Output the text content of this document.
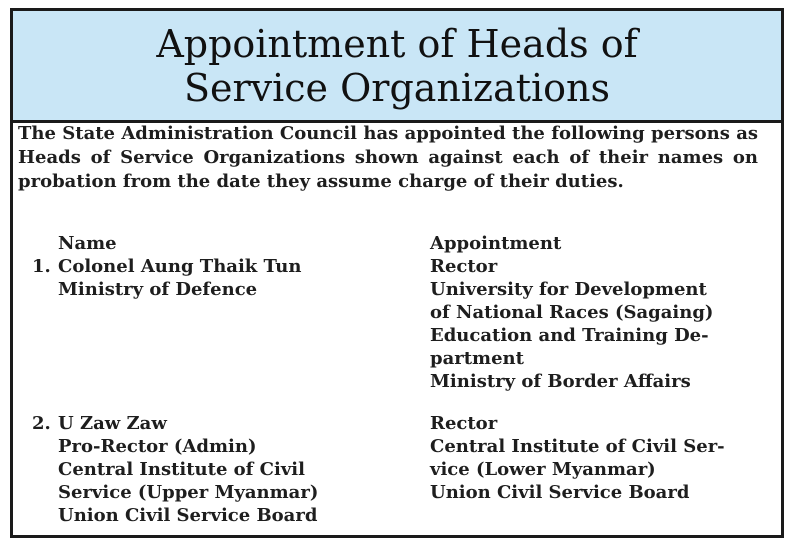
Appointment of Heads of
Service Organizations
The State Administration Council has appointed the following persons as Heads of Service Organizations shown against each of their names on probation from the date they assume charge of their duties.
Name	Appointment
1. Colonel Aung Thaik Tun
Ministry of Defence
Rector
University for Development
of National Races (Sagaing)
Education and Training De-
partment
Ministry of Border Affairs
2. U Zaw Zaw
Pro-Rector (Admin)
Central Institute of Civil
Service (Upper Myanmar)
Union Civil Service Board
Rector
Central Institute of Civil Ser-
vice (Lower Myanmar)
Union Civil Service Board
